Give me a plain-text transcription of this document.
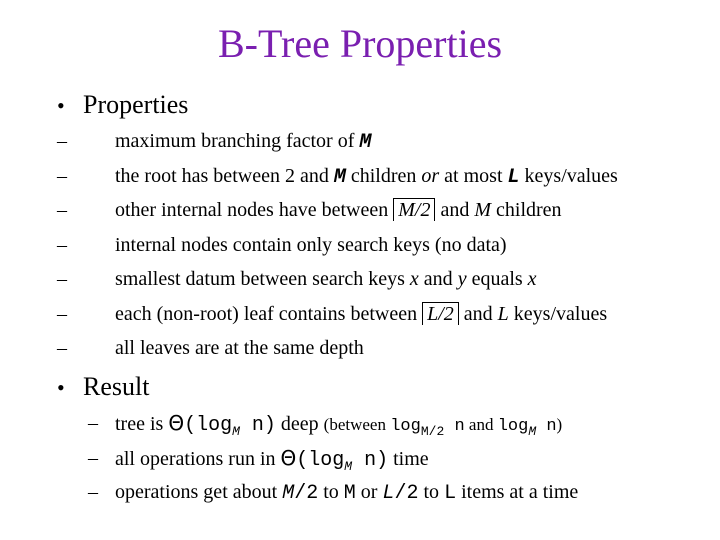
B-Tree Properties
• Properties
– maximum branching factor of M
– the root has between 2 and M children or at most L keys/values
– other internal nodes have between M/2 and M children
– internal nodes contain only search keys (no data)
– smallest datum between search keys x and y equals x
– each (non-root) leaf contains between L/2 and L keys/values
– all leaves are at the same depth
• Result
– tree is $\Theta(\log_M$ n) deep (between $\log_{M/2} n$ and $\log_M n$)
– all operations run in $\Theta(\log_M$ n) time
– operations get about M/2 to M or L/2 to L items at a time
